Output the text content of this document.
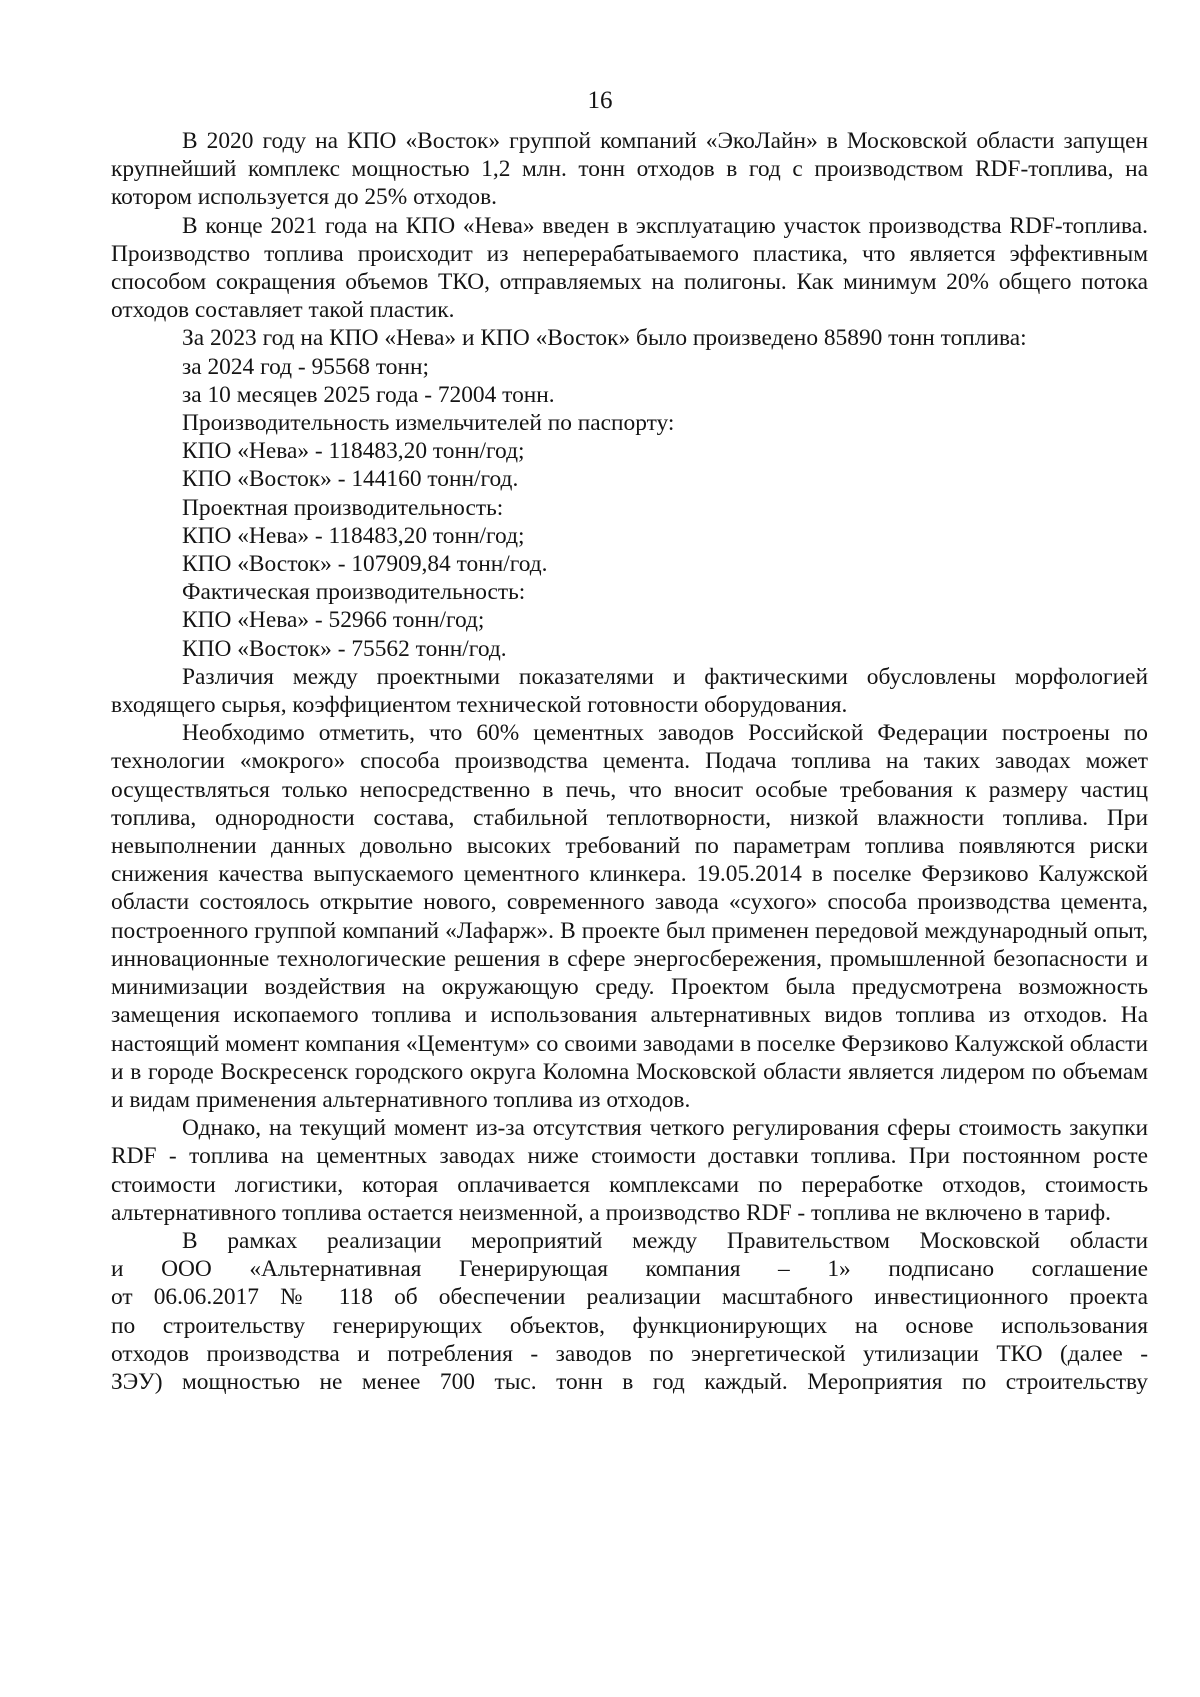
16

В 2020 году на КПО «Восток» группой компаний «ЭкоЛайн» в Московской области запущен крупнейший комплекс мощностью 1,2 млн. тонн отходов в год с производством RDF-топлива, на котором используется до 25% отходов.

В конце 2021 года на КПО «Нева» введен в эксплуатацию участок производства RDF-топлива. Производство топлива происходит из неперерабатываемого пластика, что является эффективным способом сокращения объемов ТКО, отправляемых на полигоны. Как минимум 20% общего потока отходов составляет такой пластик.

За 2023 год на КПО «Нева» и КПО «Восток» было произведено 85890 тонн топлива:

за 2024 год - 95568 тонн;

за 10 месяцев 2025 года - 72004 тонн.

Производительность измельчителей по паспорту:

КПО «Нева» - 118483,20 тонн/год;

КПО «Восток» - 144160 тонн/год.

Проектная производительность:

КПО «Нева» - 118483,20 тонн/год;

КПО «Восток» - 107909,84 тонн/год.

Фактическая производительность:

КПО «Нева» - 52966 тонн/год;

КПО «Восток» - 75562 тонн/год.

Различия между проектными показателями и фактическими обусловлены морфологией входящего сырья, коэффициентом технической готовности оборудования.

Необходимо отметить, что 60% цементных заводов Российской Федерации построены по технологии «мокрого» способа производства цемента. Подача топлива на таких заводах может осуществляться только непосредственно в печь, что вносит особые требования к размеру частиц топлива, однородности состава, стабильной теплотворности, низкой влажности топлива. При невыполнении данных довольно высоких требований по параметрам топлива появляются риски снижения качества выпускаемого цементного клинкера. 19.05.2014 в поселке Ферзиково Калужской области состоялось открытие нового, современного завода «сухого» способа производства цемента, построенного группой компаний «Лафарж». В проекте был применен передовой международный опыт, инновационные технологические решения в сфере энергосбережения, промышленной безопасности и минимизации воздействия на окружающую среду. Проектом была предусмотрена возможность замещения ископаемого топлива и использования альтернативных видов топлива из отходов. На настоящий момент компания «Цементум» со своими заводами в поселке Ферзиково Калужской области и в городе Воскресенск городского округа Коломна Московской области является лидером по объемам и видам применения альтернативного топлива из отходов.

Однако, на текущий момент из-за отсутствия четкого регулирования сферы стоимость закупки RDF - топлива на цементных заводах ниже стоимости доставки топлива. При постоянном росте стоимости логистики, которая оплачивается комплексами по переработке отходов, стоимость альтернативного топлива остается неизменной, а производство RDF - топлива не включено в тариф.

В рамках реализации мероприятий между Правительством Московской области

и ООО «Альтернативная Генерирующая компания – 1» подписано соглашение

от 06.06.2017 № 118 об обеспечении реализации масштабного инвестиционного проекта

по строительству генерирующих объектов, функционирующих на основе использования

отходов производства и потребления - заводов по энергетической утилизации ТКО (далее -

ЗЭУ) мощностью не менее 700 тыс. тонн в год каждый. Мероприятия по строительству
